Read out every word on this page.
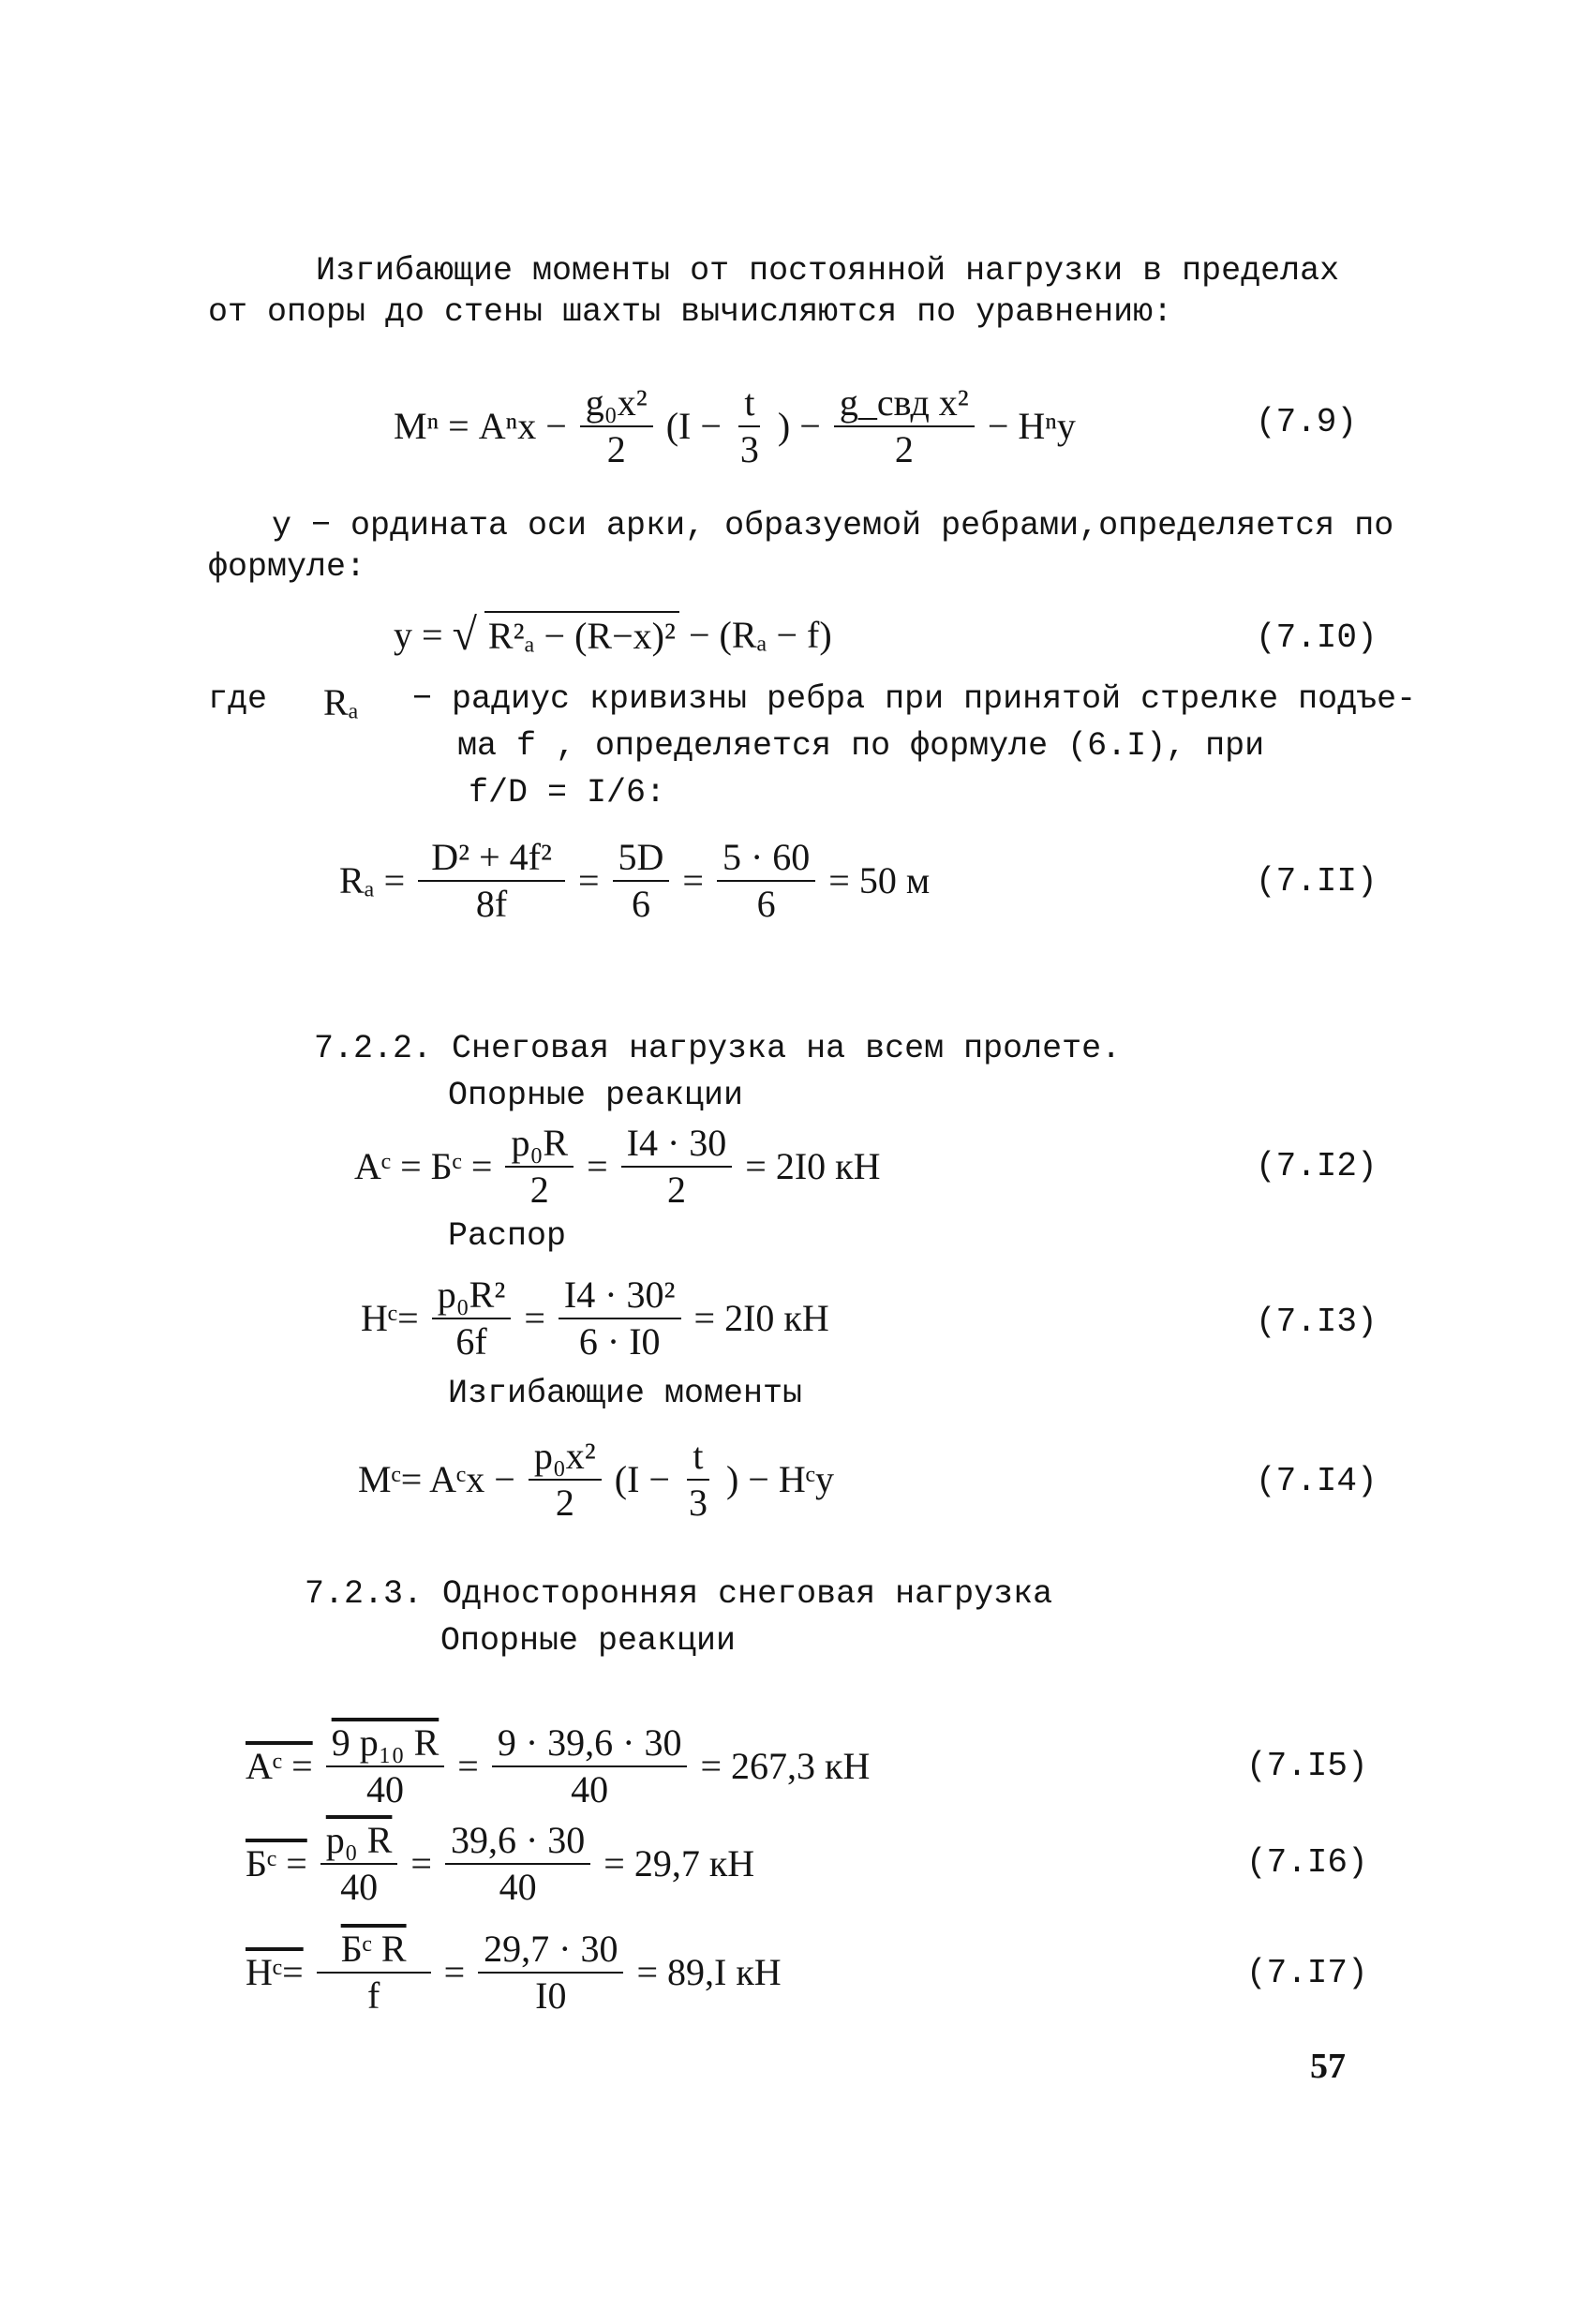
Изгибающие моменты от постоянной нагрузки в пределах от опоры до стены шахты вычисляются по уравнению:
$M^n = A^nx - \frac{\text{g₀x²}}{2} (I - \frac{t}{3}$ ) − $\frac{\text{g\_свд x²}}{2} - H^ny$	(7.9)
y − ордината оси арки, образуемой ребрами,определяется по формуле:
y = √ R²ₐ − (R−x)² − (Rₐ − f)	(7.I0)
где Rₐ − радиус кривизны ребра при принятой стрелке подъе-
ма f , определяется по формуле (6.I), при
f/D = I/6:
$R_a = \frac{\text{D² + 4f²}}{8f} = \frac{5D}{6} = \frac{5 \cdot 60}{6} = 50$ м	(7.II)
7.2.2. Снеговая нагрузка на всем пролете.
Опорные реакции
Aᶜ = Бᶜ = $\frac{\text{p₀R}}{2} = \frac{I4 \cdot 30}{2} = 2I0$ кН	(7.I2)
Распор
Hᶜ= $\frac{\text{p₀R²}}{6f} = \frac{\text{I4 · 30²}}{6 \cdot I0} = 2I0$ кН	(7.I3)
Изгибающие моменты
Mᶜ= Aᶜx − $\frac{\text{p₀x²}}{2} (I - \frac{t}{3}$ ) − Hᶜy	(7.I4)
7.2.3. Односторонняя снеговая нагрузка
Опорные реакции
Aᶜ = $\frac{\text{9 p₁₀ R}}{40} = \frac{9 \cdot 39,6 \cdot 30}{40} = 267,3$ кН	(7.I5)
Бᶜ = $\frac{\text{p₀ R}}{40} = \frac{39,6 \cdot 30}{40} = 29,7$ кН	(7.I6)
Hᶜ= $\frac{\text{Бᶜ R}}{f} = \frac{29,7 \cdot 30}{I0} = 89,I$ кН	(7.I7)
57
